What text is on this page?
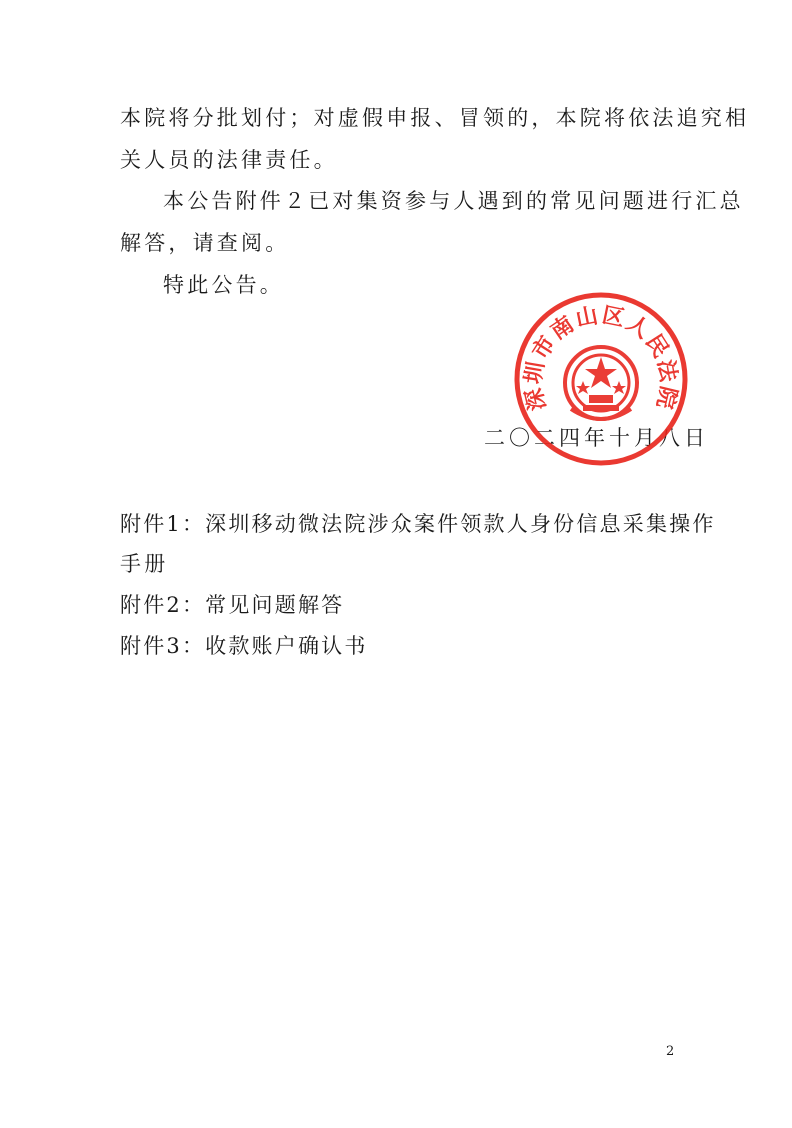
本院将分批划付；对虚假申报、冒领的，本院将依法追究相
关人员的法律责任。
本公告附件２已对集资参与人遇到的常见问题进行汇总
解答，请查阅。
特此公告。
二〇二四年十月八日
深圳市南山区人民法院
附件1：深圳移动微法院涉众案件领款人身份信息采集操作
手册
附件2：常见问题解答
附件3：收款账户确认书
2
